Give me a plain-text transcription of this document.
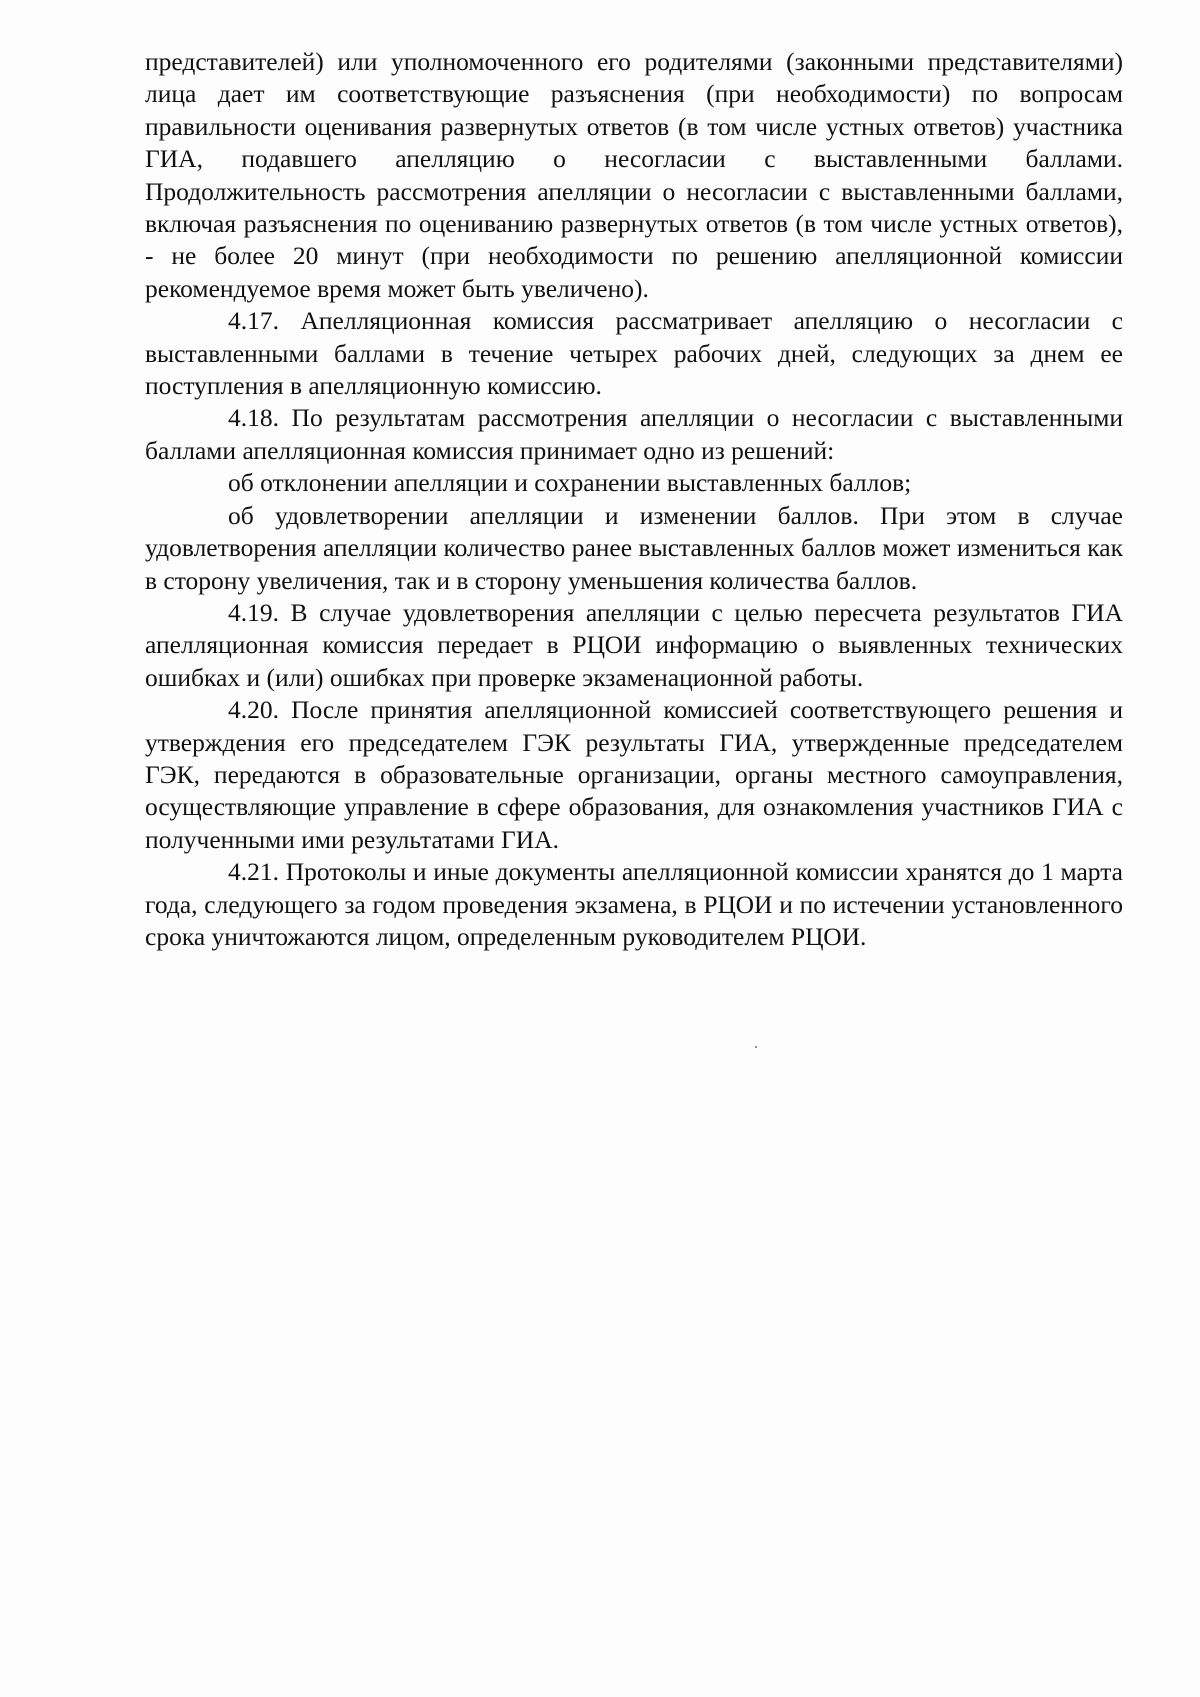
представителей) или уполномоченного его родителями (законными представителями) лица дает им соответствующие разъяснения (при необходимости) по вопросам правильности оценивания развернутых ответов (в том числе устных ответов) участника ГИА, подавшего апелляцию о несогласии с выставленными баллами. Продолжительность рассмотрения апелляции о несогласии с выставленными баллами, включая разъяснения по оцениванию развернутых ответов (в том числе устных ответов), - не более 20 минут (при необходимости по решению апелляционной комиссии рекомендуемое время может быть увеличено).

4.17. Апелляционная комиссия рассматривает апелляцию о несогласии с выставленными баллами в течение четырех рабочих дней, следующих за днем ее поступления в апелляционную комиссию.

4.18. По результатам рассмотрения апелляции о несогласии с выставленными баллами апелляционная комиссия принимает одно из решений:

об отклонении апелляции и сохранении выставленных баллов;

об удовлетворении апелляции и изменении баллов. При этом в случае удовлетворения апелляции количество ранее выставленных баллов может измениться как в сторону увеличения, так и в сторону уменьшения количества баллов.

4.19. В случае удовлетворения апелляции с целью пересчета результатов ГИА апелляционная комиссия передает в РЦОИ информацию о выявленных технических ошибках и (или) ошибках при проверке экзаменационной работы.

4.20. После принятия апелляционной комиссией соответствующего решения и утверждения его председателем ГЭК результаты ГИА, утвержденные председателем ГЭК, передаются в образовательные организации, органы местного самоуправления, осуществляющие управление в сфере образования, для ознакомления участников ГИА с полученными ими результатами ГИА.

4.21. Протоколы и иные документы апелляционной комиссии хранятся до 1 марта года, следующего за годом проведения экзамена, в РЦОИ и по истечении установленного срока уничтожаются лицом, определенным руководителем РЦОИ.
